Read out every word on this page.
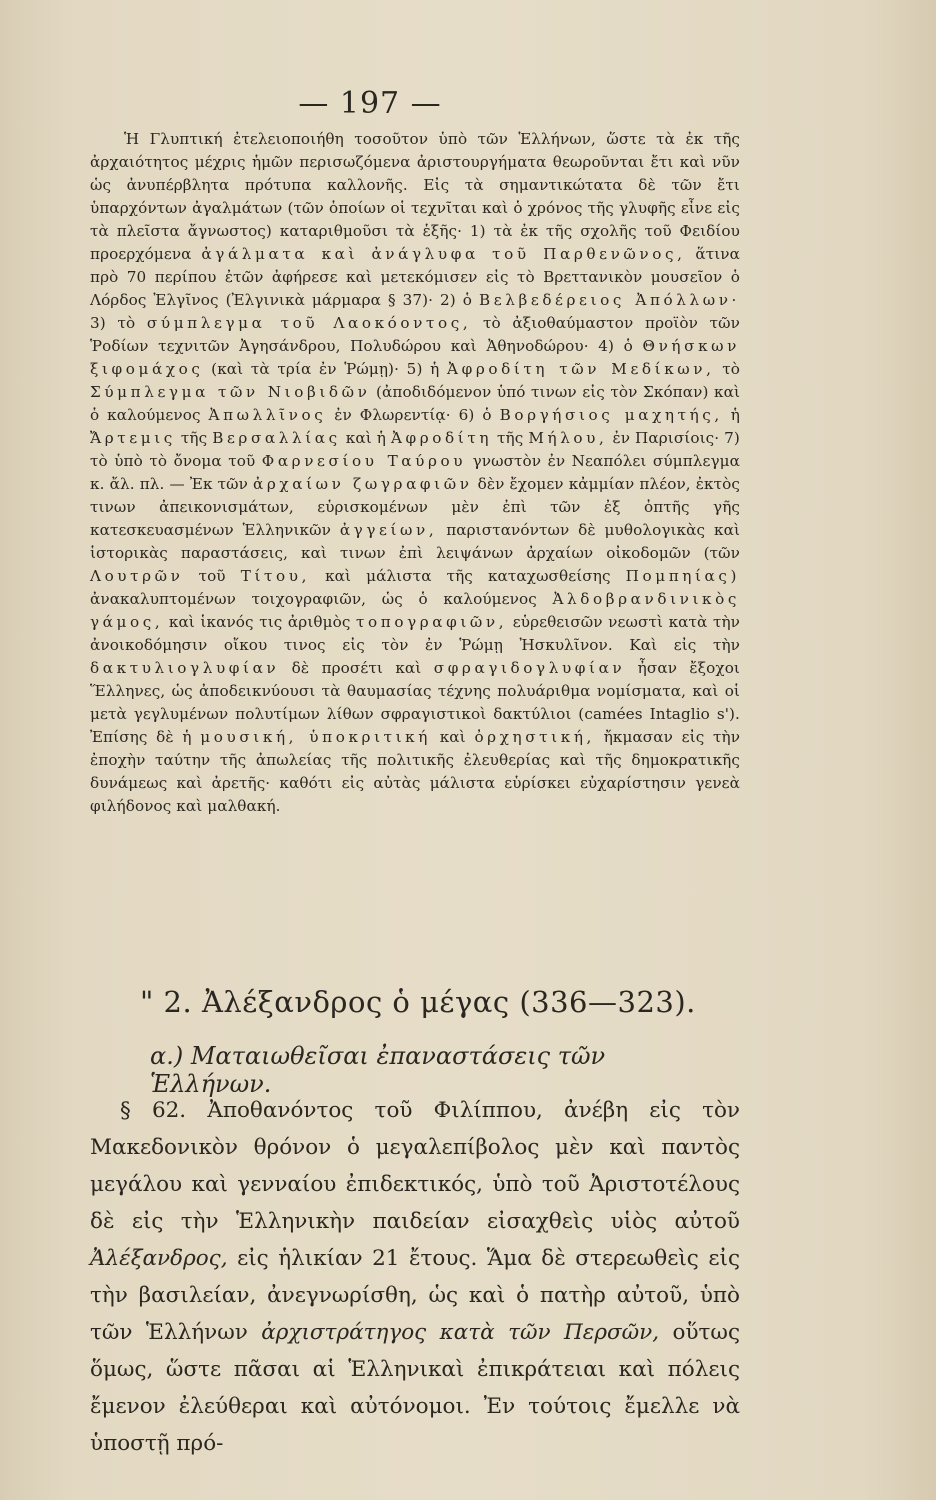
— 197 —

Ἡ Γλυπτική ἐτελειοποιήθη τοσοῦτον ὑπὸ τῶν Ἑλλήνων, ὥστε τὰ ἐκ τῆς ἀρχαιότητος μέχρις ἡμῶν περισωζόμενα ἀριστουργήματα θεωροῦνται ἔτι καὶ νῦν ὡς ἀνυπέρβλητα πρότυπα καλλονῆς. Εἰς τὰ σημαντικώτατα δὲ τῶν ἔτι ὑπαρχόντων ἀγαλμάτων (τῶν ὁποίων οἱ τεχνῖται καὶ ὁ χρόνος τῆς γλυφῆς εἶνε εἰς τὰ πλεῖστα ἄγνωστος) καταριθμοῦσι τὰ ἑξῆς· 1) τὰ ἐκ τῆς σχολῆς τοῦ Φειδίου προερχόμενα ἀγάλματα καὶ ἀνάγλυφα τοῦ Παρθενῶνος, ἅτινα πρὸ 70 περίπου ἐτῶν ἀφήρεσε καὶ μετεκόμισεν εἰς τὸ Βρεττανικὸν μουσεῖον ὁ Λόρδος Ἐλγῖνος (Ἐλγινικὰ μάρμαρα § 37)· 2) ὁ Βελβεδέρειος Ἀπόλλων· 3) τὸ σύμπλεγμα τοῦ Λαοκόοντος, τὸ ἀξιοθαύμαστον προϊὸν τῶν Ῥοδίων τεχνιτῶν Ἀγησάνδρου, Πολυδώρου καὶ Ἀθηνοδώρου· 4) ὁ Θνήσκων ξιφομάχος (καὶ τὰ τρία ἐν Ῥώμῃ)· 5) ἡ Ἀφροδίτη τῶν Μεδίκων, τὸ Σύμπλεγμα τῶν Νιοβιδῶν (ἀποδιδόμενον ὑπό τινων εἰς τὸν Σκόπαν) καὶ ὁ καλούμενος Ἀπωλλῖνος ἐν Φλωρεντίᾳ· 6) ὁ Βοργήσιος μαχητής, ἡ Ἄρτεμις τῆς Βερσαλλίας καὶ ἡ Ἀφροδίτη τῆς Μήλου, ἐν Παρισίοις· 7) τὸ ὑπὸ τὸ ὄνομα τοῦ Φαρνεσίου Ταύρου γνωστὸν ἐν Νεαπόλει σύμπλεγμα κ. ἄλ. πλ. — Ἐκ τῶν ἀρχαίων ζωγραφιῶν δὲν ἔχομεν κἀμμίαν πλέον, ἐκτὸς τινων ἀπεικονισμάτων, εὑρισκομένων μὲν ἐπὶ τῶν ἐξ ὀπτῆς γῆς κατεσκευασμένων Ἑλληνικῶν ἀγγείων, παριστανόντων δὲ μυθολογικὰς καὶ ἱστορικὰς παραστάσεις, καὶ τινων ἐπὶ λειψάνων ἀρχαίων οἰκοδομῶν (τῶν Λουτρῶν τοῦ Τίτου, καὶ μάλιστα τῆς καταχωσθείσης Πομπηίας) ἀνακαλυπτομένων τοιχογραφιῶν, ὡς ὁ καλούμενος Ἀλδοβρανδινικὸς γάμος, καὶ ἱκανός τις ἀριθμὸς τοπογραφιῶν, εὑρεθεισῶν νεωστὶ κατὰ τὴν ἀνοικοδόμησιν οἴκου τινος εἰς τὸν ἐν Ῥώμῃ Ἠσκυλῖνον. Καὶ εἰς τὴν δακτυλιογλυφίαν δὲ προσέτι καὶ σφραγιδογλυφίαν ἦσαν ἔξοχοι Ἕλληνες, ὡς ἀποδεικνύουσι τὰ θαυμασίας τέχνης πολυάριθμα νομίσματα, καὶ οἱ μετὰ γεγλυμένων πολυτίμων λίθων σφραγιστικοὶ δακτύλιοι (camées Intaglio s'). Ἐπίσης δὲ ἡ μουσική, ὑποκριτική καὶ ὀρχηστική, ἤκμασαν εἰς τὴν ἐποχὴν ταύτην τῆς ἀπωλείας τῆς πολιτικῆς ἐλευθερίας καὶ τῆς δημοκρατικῆς δυνάμεως καὶ ἀρετῆς· καθότι εἰς αὐτὰς μάλιστα εὑρίσκει εὐχαρίστησιν γενεὰ φιλήδονος καὶ μαλθακή.

" 2. Ἀλέξανδρος ὁ μέγας (336—323).
α.) Ματαιωθεῖσαι ἐπαναστάσεις τῶν Ἑλλήνων.

§ 62. Ἀποθανόντος τοῦ Φιλίππου, ἀνέβη εἰς τὸν Μακεδονικὸν θρόνον ὁ μεγαλεπίβολος μὲν καὶ παντὸς μεγάλου καὶ γενναίου ἐπιδεκτικός, ὑπὸ τοῦ Ἀριστοτέλους δὲ εἰς τὴν Ἑλληνικὴν παιδείαν εἰσαχθεὶς υἱὸς αὐτοῦ Ἀλέξανδρος, εἰς ἡλικίαν 21 ἔτους. Ἅμα δὲ στερεωθεὶς εἰς τὴν βασιλείαν, ἀνεγνωρίσθη, ὡς καὶ ὁ πατὴρ αὐτοῦ, ὑπὸ τῶν Ἑλλήνων ἀρχιστράτηγος κατὰ τῶν Περσῶν, οὕτως ὅμως, ὥστε πᾶσαι αἱ Ἑλληνικαὶ ἐπικράτειαι καὶ πόλεις ἔμενον ἐλεύθεραι καὶ αὐτόνομοι. Ἐν τούτοις ἔμελλε νὰ ὑποστῇ πρό-
